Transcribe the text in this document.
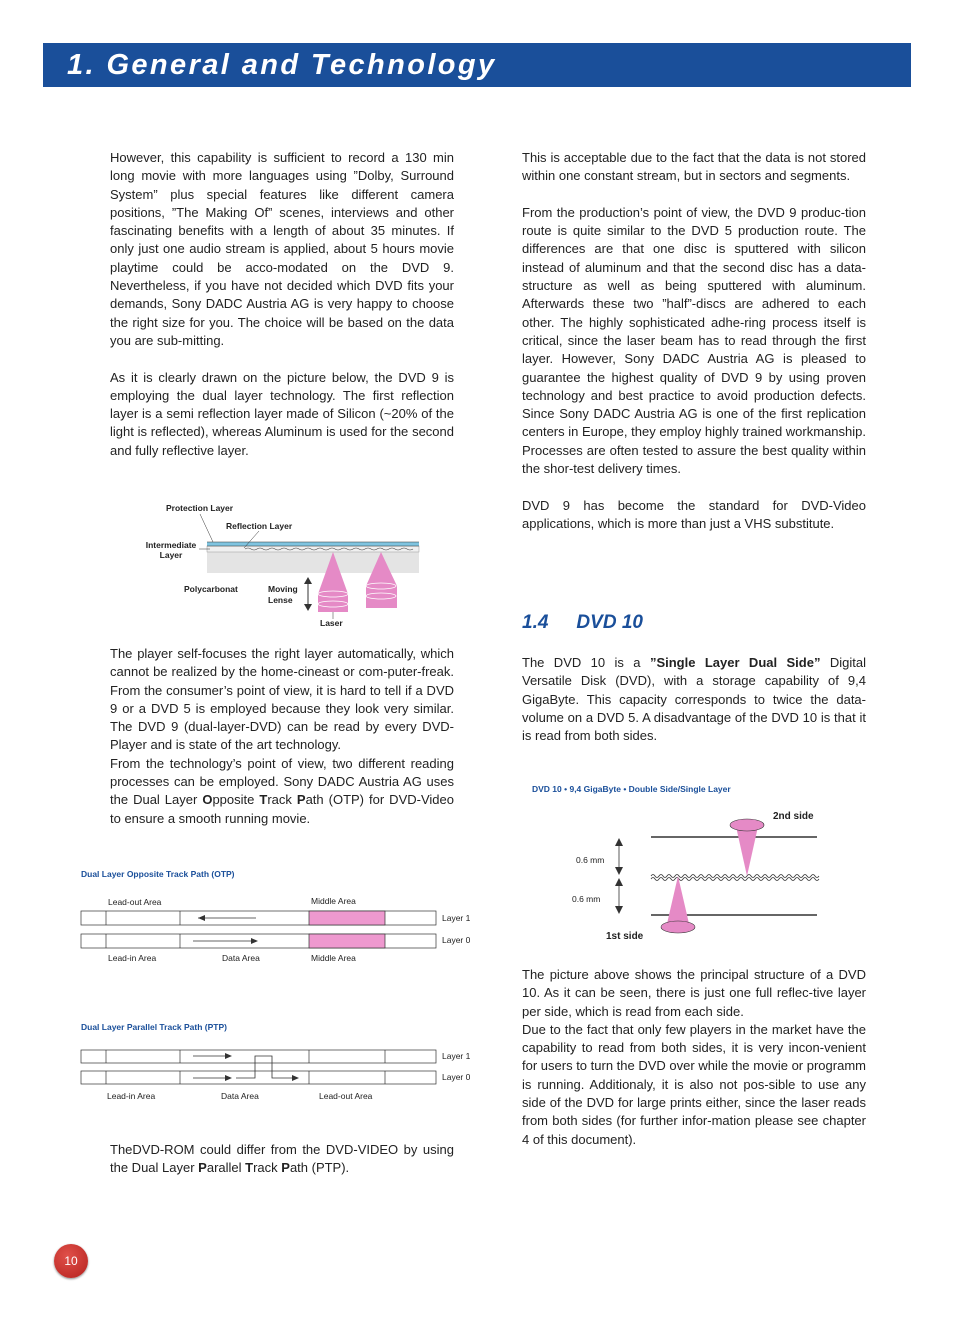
1. General and Technology

However, this capability is sufficient to record a 130 min long movie with more languages using ”Dolby, Surround System” plus special features like different camera positions, ”The Making Of” scenes, interviews and other fascinating benefits with a length of about 35 minutes. If only just one audio stream is applied, about 5 hours movie playtime could be acco-modated on the DVD 9. Nevertheless, if you have not decided which DVD fits your demands, Sony DADC Austria AG is very happy to choose the right size for you. The choice will be based on the data you are sub-mitting.

As it is clearly drawn on the picture below, the DVD 9 is employing the dual layer technology. The first reflection layer is a semi reflection layer made of Silicon (~20% of the light is reflected), whereas Aluminum is used for the second and fully reflective layer.

Protection Layer
Reflection Layer
Intermediate
Layer
Polycarbonat	Moving
Lense
Laser

The player self-focuses the right layer automatically, which cannot be realized by the home-cineast or com-puter-freak. From the consumer’s point of view, it is hard to tell if a DVD 9 or a DVD 5 is employed because they look very similar. The DVD 9 (dual-layer-DVD) can be read by every DVD-Player and is state of the art technology.

From the technology’s point of view, two different reading processes can be employed. Sony DADC Austria AG uses the Dual Layer Opposite Track Path (OTP) for DVD-Video to ensure a smooth running movie.

Dual Layer Opposite Track Path (OTP)
Lead-out Area	Middle Area
Layer 1
Layer 0
Lead-in Area	Data Area	Middle Area
Dual Layer Parallel Track Path (PTP)
Layer 1
Layer 0
Lead-in Area	Data Area	Lead-out Area

TheDVD-ROM could differ from the DVD-VIDEO by using the Dual Layer Parallel Track Path (PTP).

This is acceptable due to the fact that the data is not stored within one constant stream, but in sectors and segments.

From the production’s point of view, the DVD 9 produc-tion route is quite similar to the DVD 5 production route. The differences are that one disc is sputtered with silicon instead of aluminum and that the second disc has a data-structure as well as being sputtered with aluminum. Afterwards these two ”half”-discs are adhered to each other. The highly sophisticated adhe-ring process itself is critical, since the laser beam has to read through the first layer. However, Sony DADC Austria AG is pleased to guarantee the highest quality of DVD 9 by using proven technology and best practice to avoid production defects. Since Sony DADC Austria AG is one of the first replication centers in Europe, they employ highly trained workmanship. Processes are often tested to assure the best quality within the shor-test delivery times.

DVD 9 has become the standard for DVD-Video applications, which is more than just a VHS substitute.

1.4 DVD 10

The DVD 10 is a ”Single Layer Dual Side” Digital Versatile Disk (DVD), with a storage capability of 9,4 GigaByte. This capacity corresponds to twice the data-volume on a DVD 5. A disadvantage of the DVD 10 is that it is read from both sides.

DVD 10 • 9,4 GigaByte • Double Side/Single Layer
2nd side
1st side
0.6 mm
0.6 mm

The picture above shows the principal structure of a DVD 10. As it can be seen, there is just one full reflec-tive layer per side, which is read from each side.

Due to the fact that only few players in the market have the capability to read from both sides, it is very incon-venient for users to turn the DVD over while the movie or programm is running. Additionaly, it is also not pos-sible to use any side of the DVD for large prints either, since the laser reads from both sides (for further infor-mation please see chapter 4 of this document).

10
